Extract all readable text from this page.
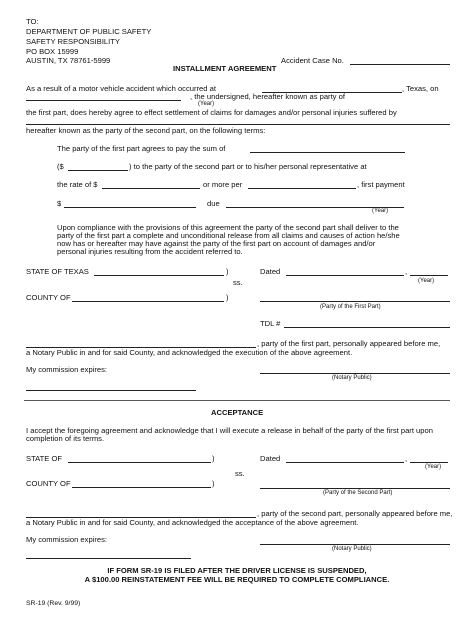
TO:
DEPARTMENT OF PUBLIC SAFETY
SAFETY RESPONSIBILITY
PO BOX 15999
AUSTIN, TX 78761-5999	Accident Case No.
INSTALLMENT AGREEMENT
As a result of a motor vehicle accident which occurred at	, Texas, on
, the undersigned, hereafter known as party of
(Year)
the first part, does hereby agree to effect settlement of claims for damages and/or personal injuries suffered by
hereafter known as the party of the second part, on the following terms:
The party of the first part agrees to pay the sum of
($	) to the party of the second part or to his/her personal representative at
the rate of $	or more per	, first payment
$	due
(Year)
Upon compliance with the provisions of this agreement the party of the second part shall deliver to the
party of the first part a complete and unconditional release from all claims and causes of action he/she
now has or hereafter may have against the party of the first part on account of damages and/or
personal injuries resulting from the accident referred to.
STATE OF TEXAS	)
ss.
Dated	,
(Year)
COUNTY OF	)
(Party of the First Part)
TDL #
, party of the first part, personally appeared before me,
a Notary Public in and for said County, and acknowledged the execution of the above agreement.
My commission expires:
(Notary Public)
ACCEPTANCE
I accept the foregoing agreement and acknowledge that I will execute a release in behalf of the party of the first part upon
completion of its terms.
STATE OF	)
ss.
Dated	,
(Year)
COUNTY OF	)
(Party of the Second Part)
, party of the second part, personally appeared before me,
a Notary Public in and for said County, and acknowledged the acceptance of the above agreement.
My commission expires:
(Notary Public)
IF FORM SR-19 IS FILED AFTER THE DRIVER LICENSE IS SUSPENDED,
A $100.00 REINSTATEMENT FEE WILL BE REQUIRED TO COMPLETE COMPLIANCE.
SR-19 (Rev. 9/99)
